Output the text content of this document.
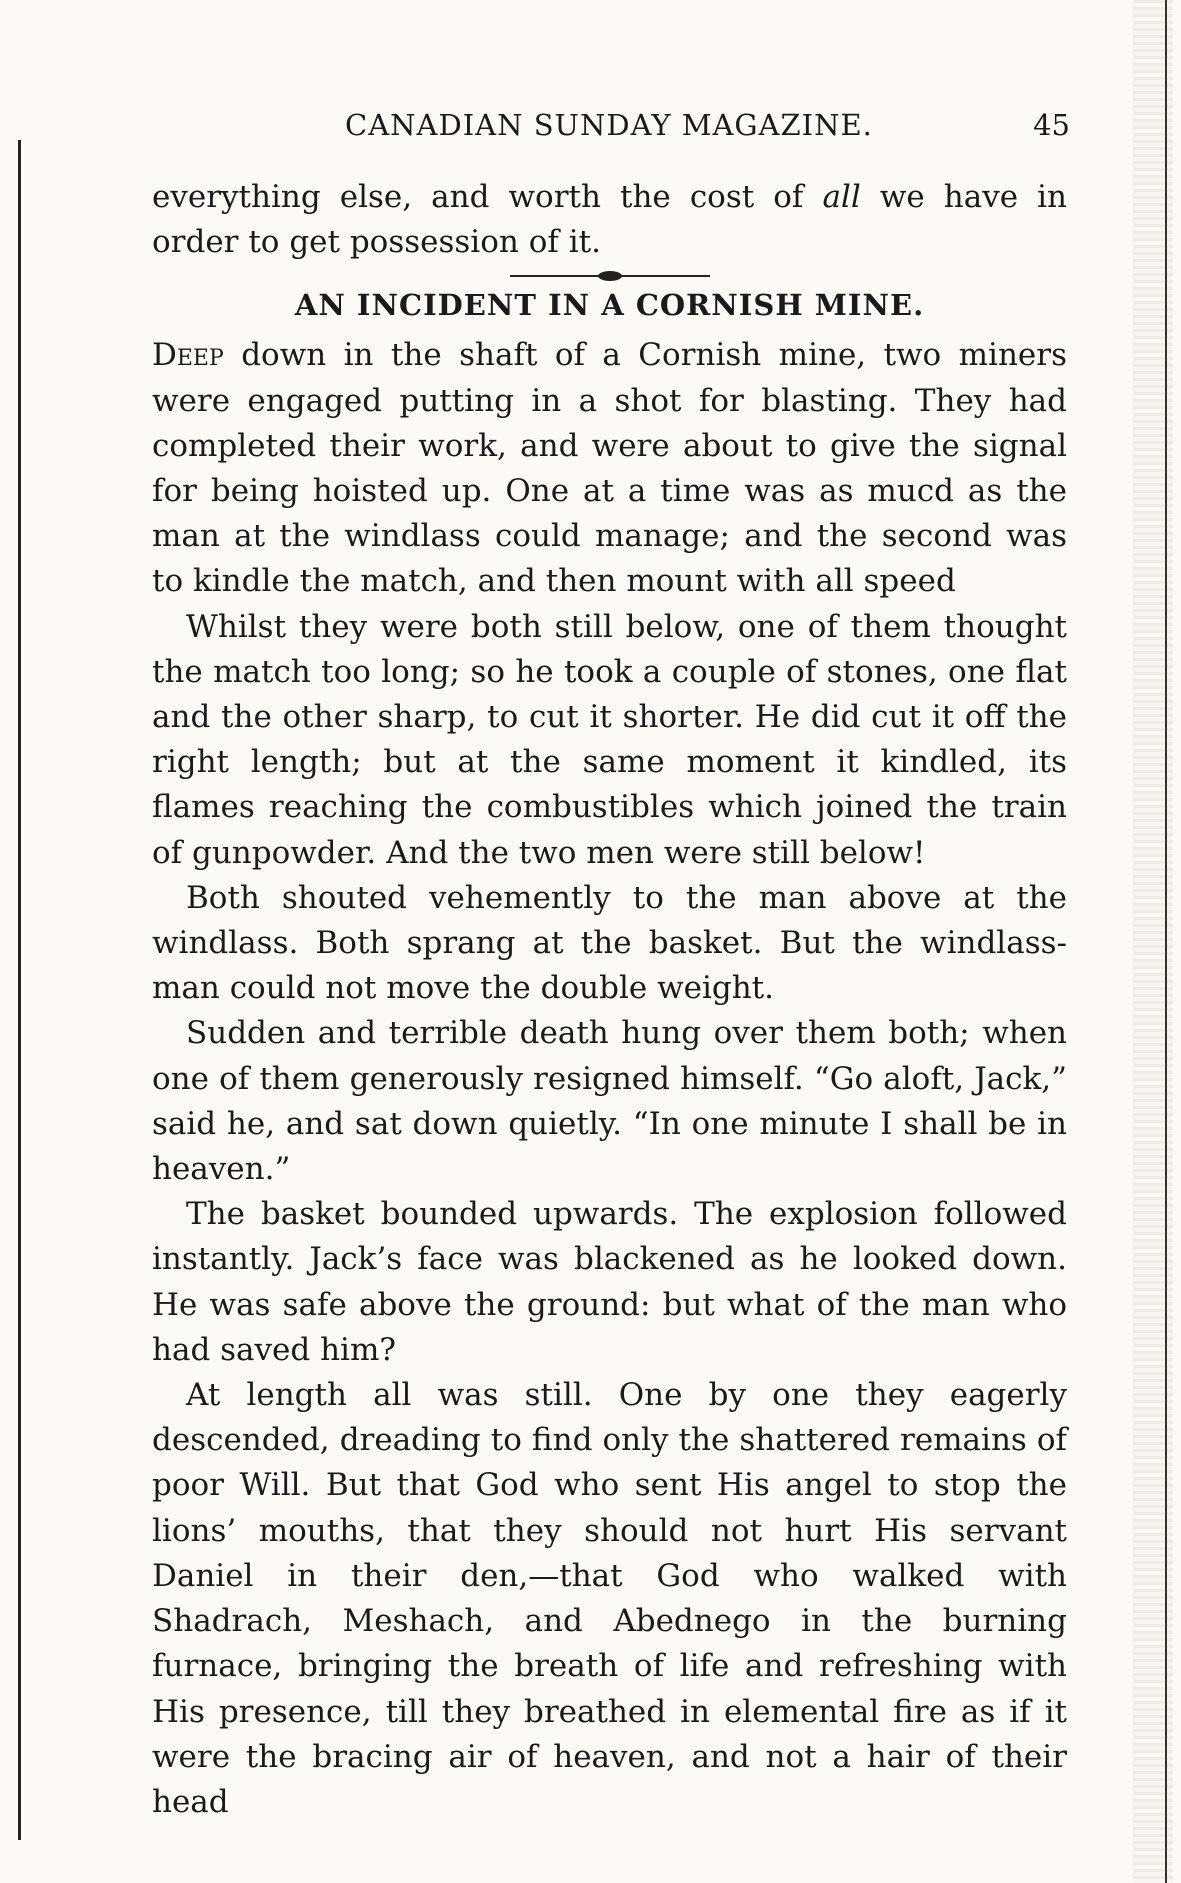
CANADIAN SUNDAY MAGAZINE.	45

everything else, and worth the cost of all we have in order to get possession of it.

AN INCIDENT IN A CORNISH MINE.

Deep down in the shaft of a Cornish mine, two miners were engaged putting in a shot for blasting. They had completed their work, and were about to give the signal for being hoisted up. One at a time was as mucd as the man at the windlass could manage; and the second was to kindle the match, and then mount with all speed

Whilst they were both still below, one of them thought the match too long; so he took a couple of stones, one flat and the other sharp, to cut it shorter. He did cut it off the right length; but at the same moment it kindled, its flames reaching the combustibles which joined the train of gunpowder. And the two men were still below!

Both shouted vehemently to the man above at the windlass. Both sprang at the basket. But the windlass-man could not move the double weight.

Sudden and terrible death hung over them both; when one of them generously resigned himself. “Go aloft, Jack,” said he, and sat down quietly. “In one minute I shall be in heaven.”

The basket bounded upwards. The explosion followed instantly. Jack’s face was blackened as he looked down. He was safe above the ground: but what of the man who had saved him?

At length all was still. One by one they eagerly descended, dreading to find only the shattered remains of poor Will. But that God who sent His angel to stop the lions’ mouths, that they should not hurt His servant Daniel in their den,—that God who walked with Shadrach, Meshach, and Abednego in the burning furnace, bringing the breath of life and refreshing with His presence, till they breathed in elemental fire as if it were the bracing air of heaven, and not a hair of their head
